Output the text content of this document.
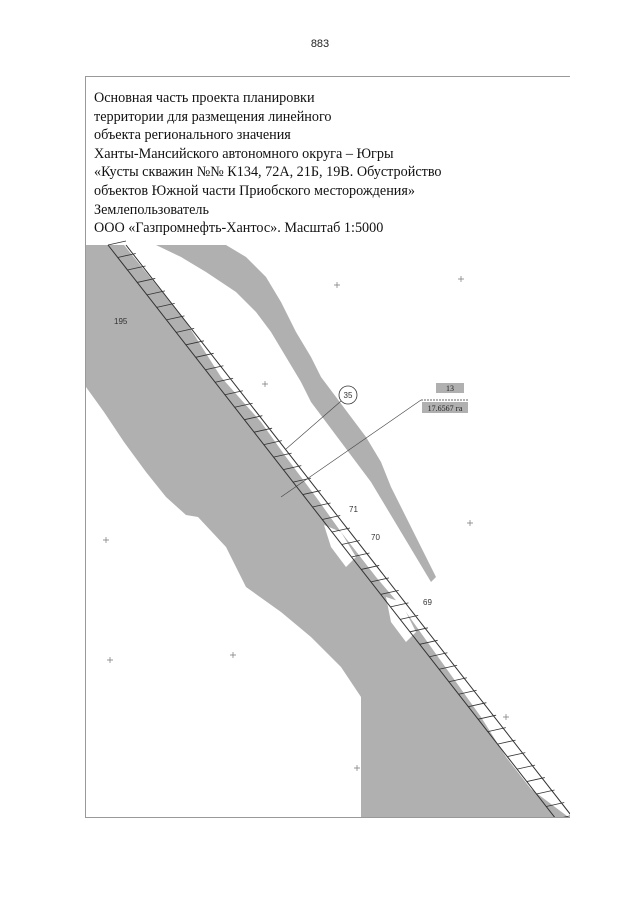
883
Основная часть проекта планировки
территории для размещения линейного
объекта регионального значения
Ханты-Мансийского автономного округа – Югры
«Кусты скважин №№ К134, 72А, 21Б, 19В. Обустройство
объектов Южной части Приобского месторождения»
Землепользователь
ООО «Газпромнефть-Хантос». Масштаб 1:5000
35
13
17.6567 га
195
71
70
69
